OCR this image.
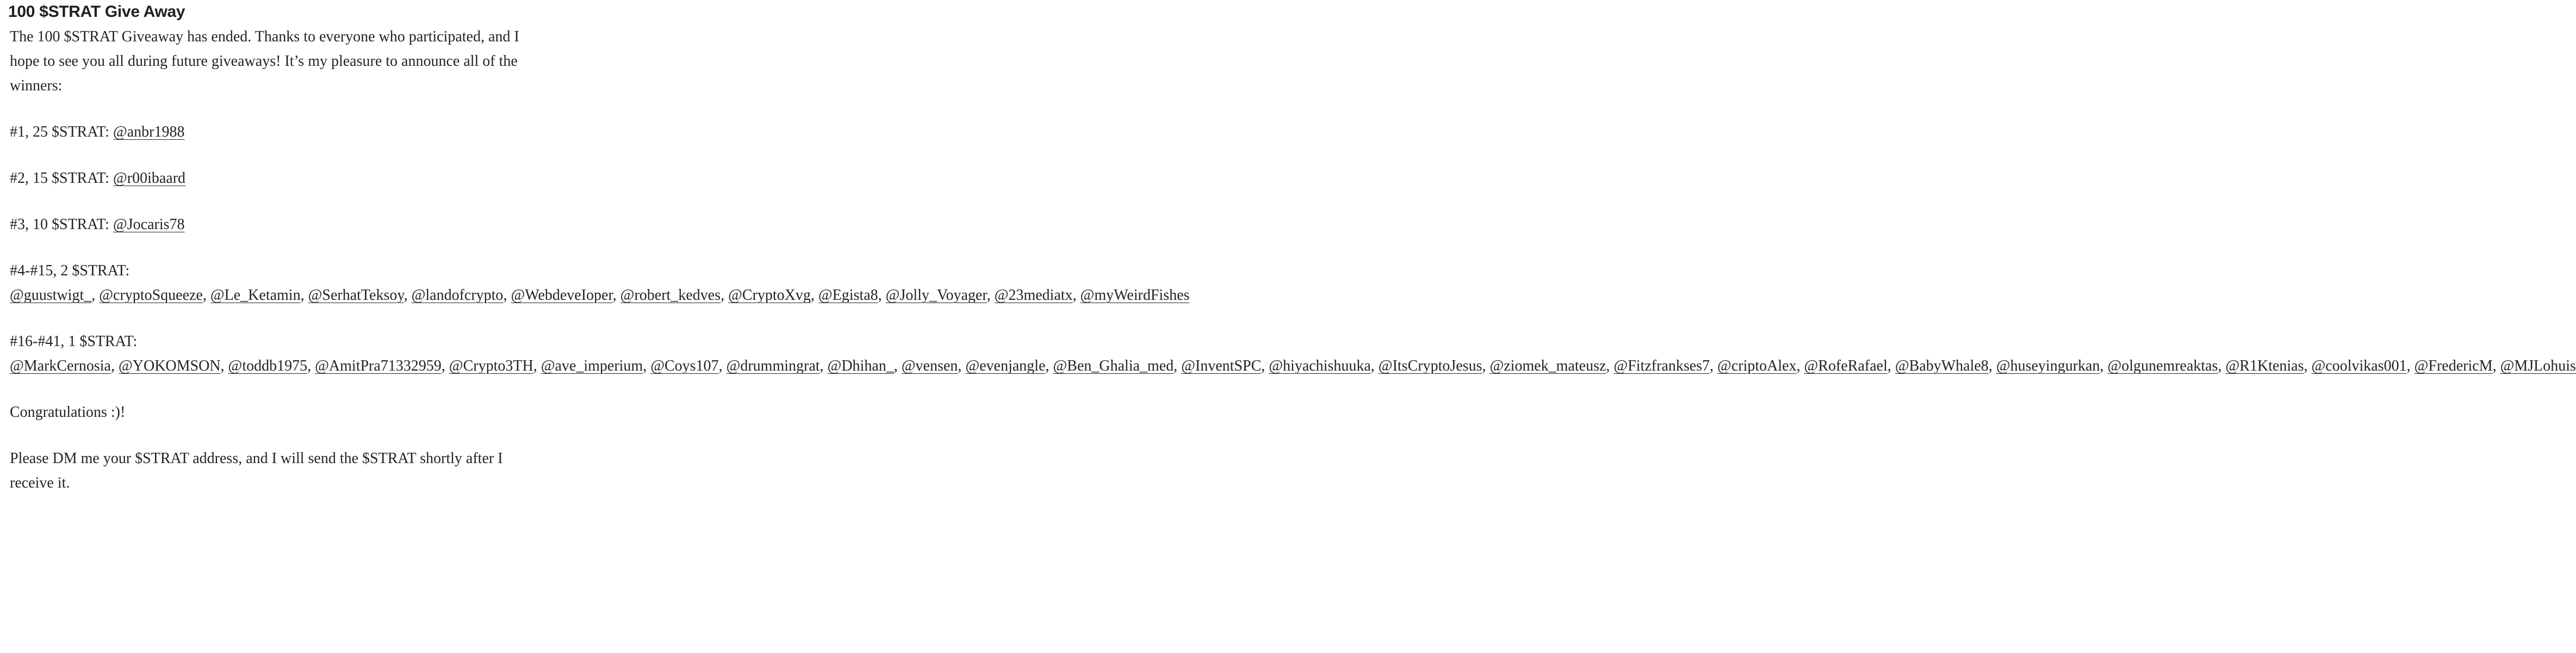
100 $STRAT Give Away

The 100 $STRAT Giveaway has ended. Thanks to everyone who participated, and I hope to see you all during future giveaways! It’s my pleasure to announce all of the winners:

#1, 25 $STRAT: @anbr1988

#2, 15 $STRAT: @r00ibaard

#3, 10 $STRAT: @Jocaris78

#4-#15, 2 $STRAT: @guustwigt_, @cryptoSqueeze, @Le_Ketamin, @SerhatTeksoy, @landofcrypto, @WebdeveIoper, @robert_kedves, @CryptoXvg, @Egista8, @Jolly_Voyager, @23mediatx, @myWeirdFishes

#16-#41, 1 $STRAT: @MarkCernosia, @YOKOMSON, @toddb1975, @AmitPra71332959, @Crypto3TH, @ave_imperium, @Coys107, @drummingrat, @Dhihan_, @vensen, @evenjangle, @Ben_Ghalia_med, @InventSPC, @hiyachishuuka, @ItsCryptoJesus, @ziomek_mateusz, @Fitzfrankses7, @criptoAlex, @RofeRafael, @BabyWhale8, @huseyingurkan, @olgunemreaktas, @R1Ktenias, @coolvikas001, @FredericM, @MJLohuis

Congratulations :)!

Please DM me your $STRAT address, and I will send the $STRAT shortly after I receive it.
